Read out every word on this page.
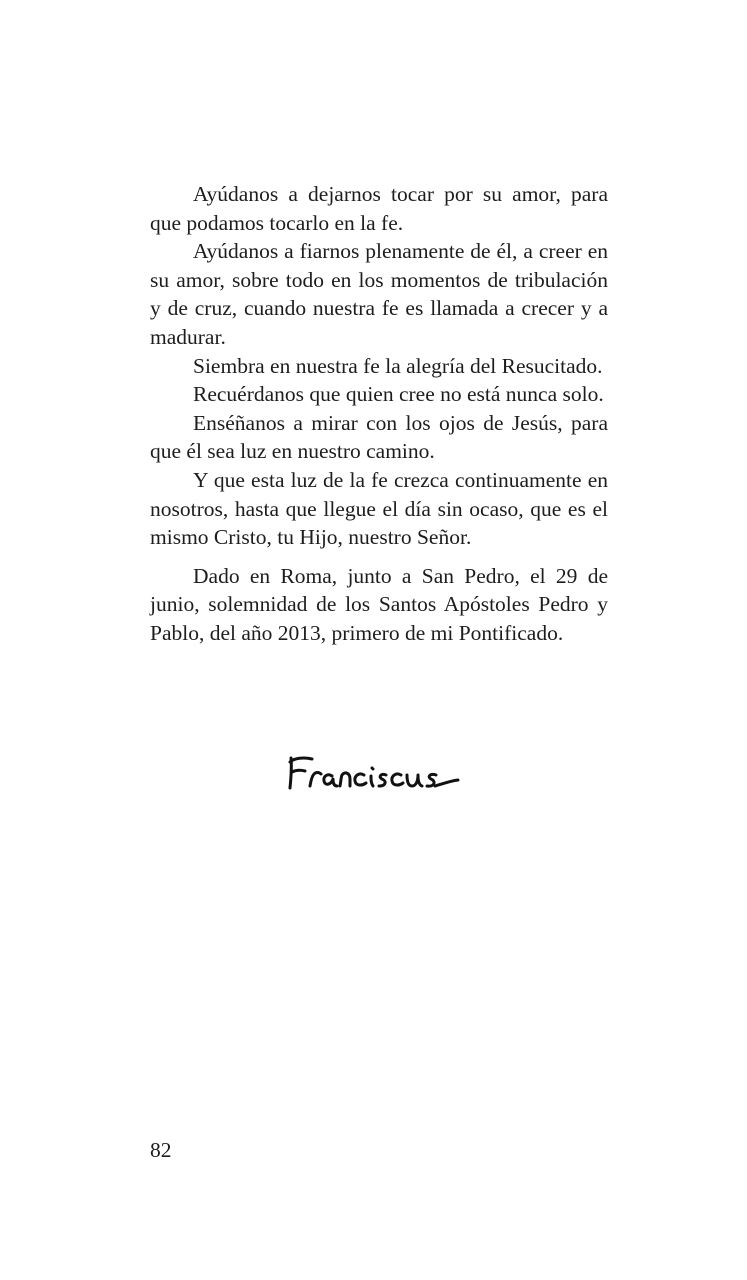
Ayúdanos a dejarnos tocar por su amor, para que podamos tocarlo en la fe.

Ayúdanos a fiarnos plenamente de él, a creer en su amor, sobre todo en los momentos de tribulación y de cruz, cuando nuestra fe es llamada a crecer y a madurar.

Siembra en nuestra fe la alegría del Resucitado.

Recuérdanos que quien cree no está nunca solo.

Enséñanos a mirar con los ojos de Jesús, para que él sea luz en nuestro camino.

Y que esta luz de la fe crezca continuamente en nosotros, hasta que llegue el día sin ocaso, que es el mismo Cristo, tu Hijo, nuestro Señor.

Dado en Roma, junto a San Pedro, el 29 de junio, solemnidad de los Santos Apóstoles Pedro y Pablo, del año 2013, primero de mi Pontificado.

82
